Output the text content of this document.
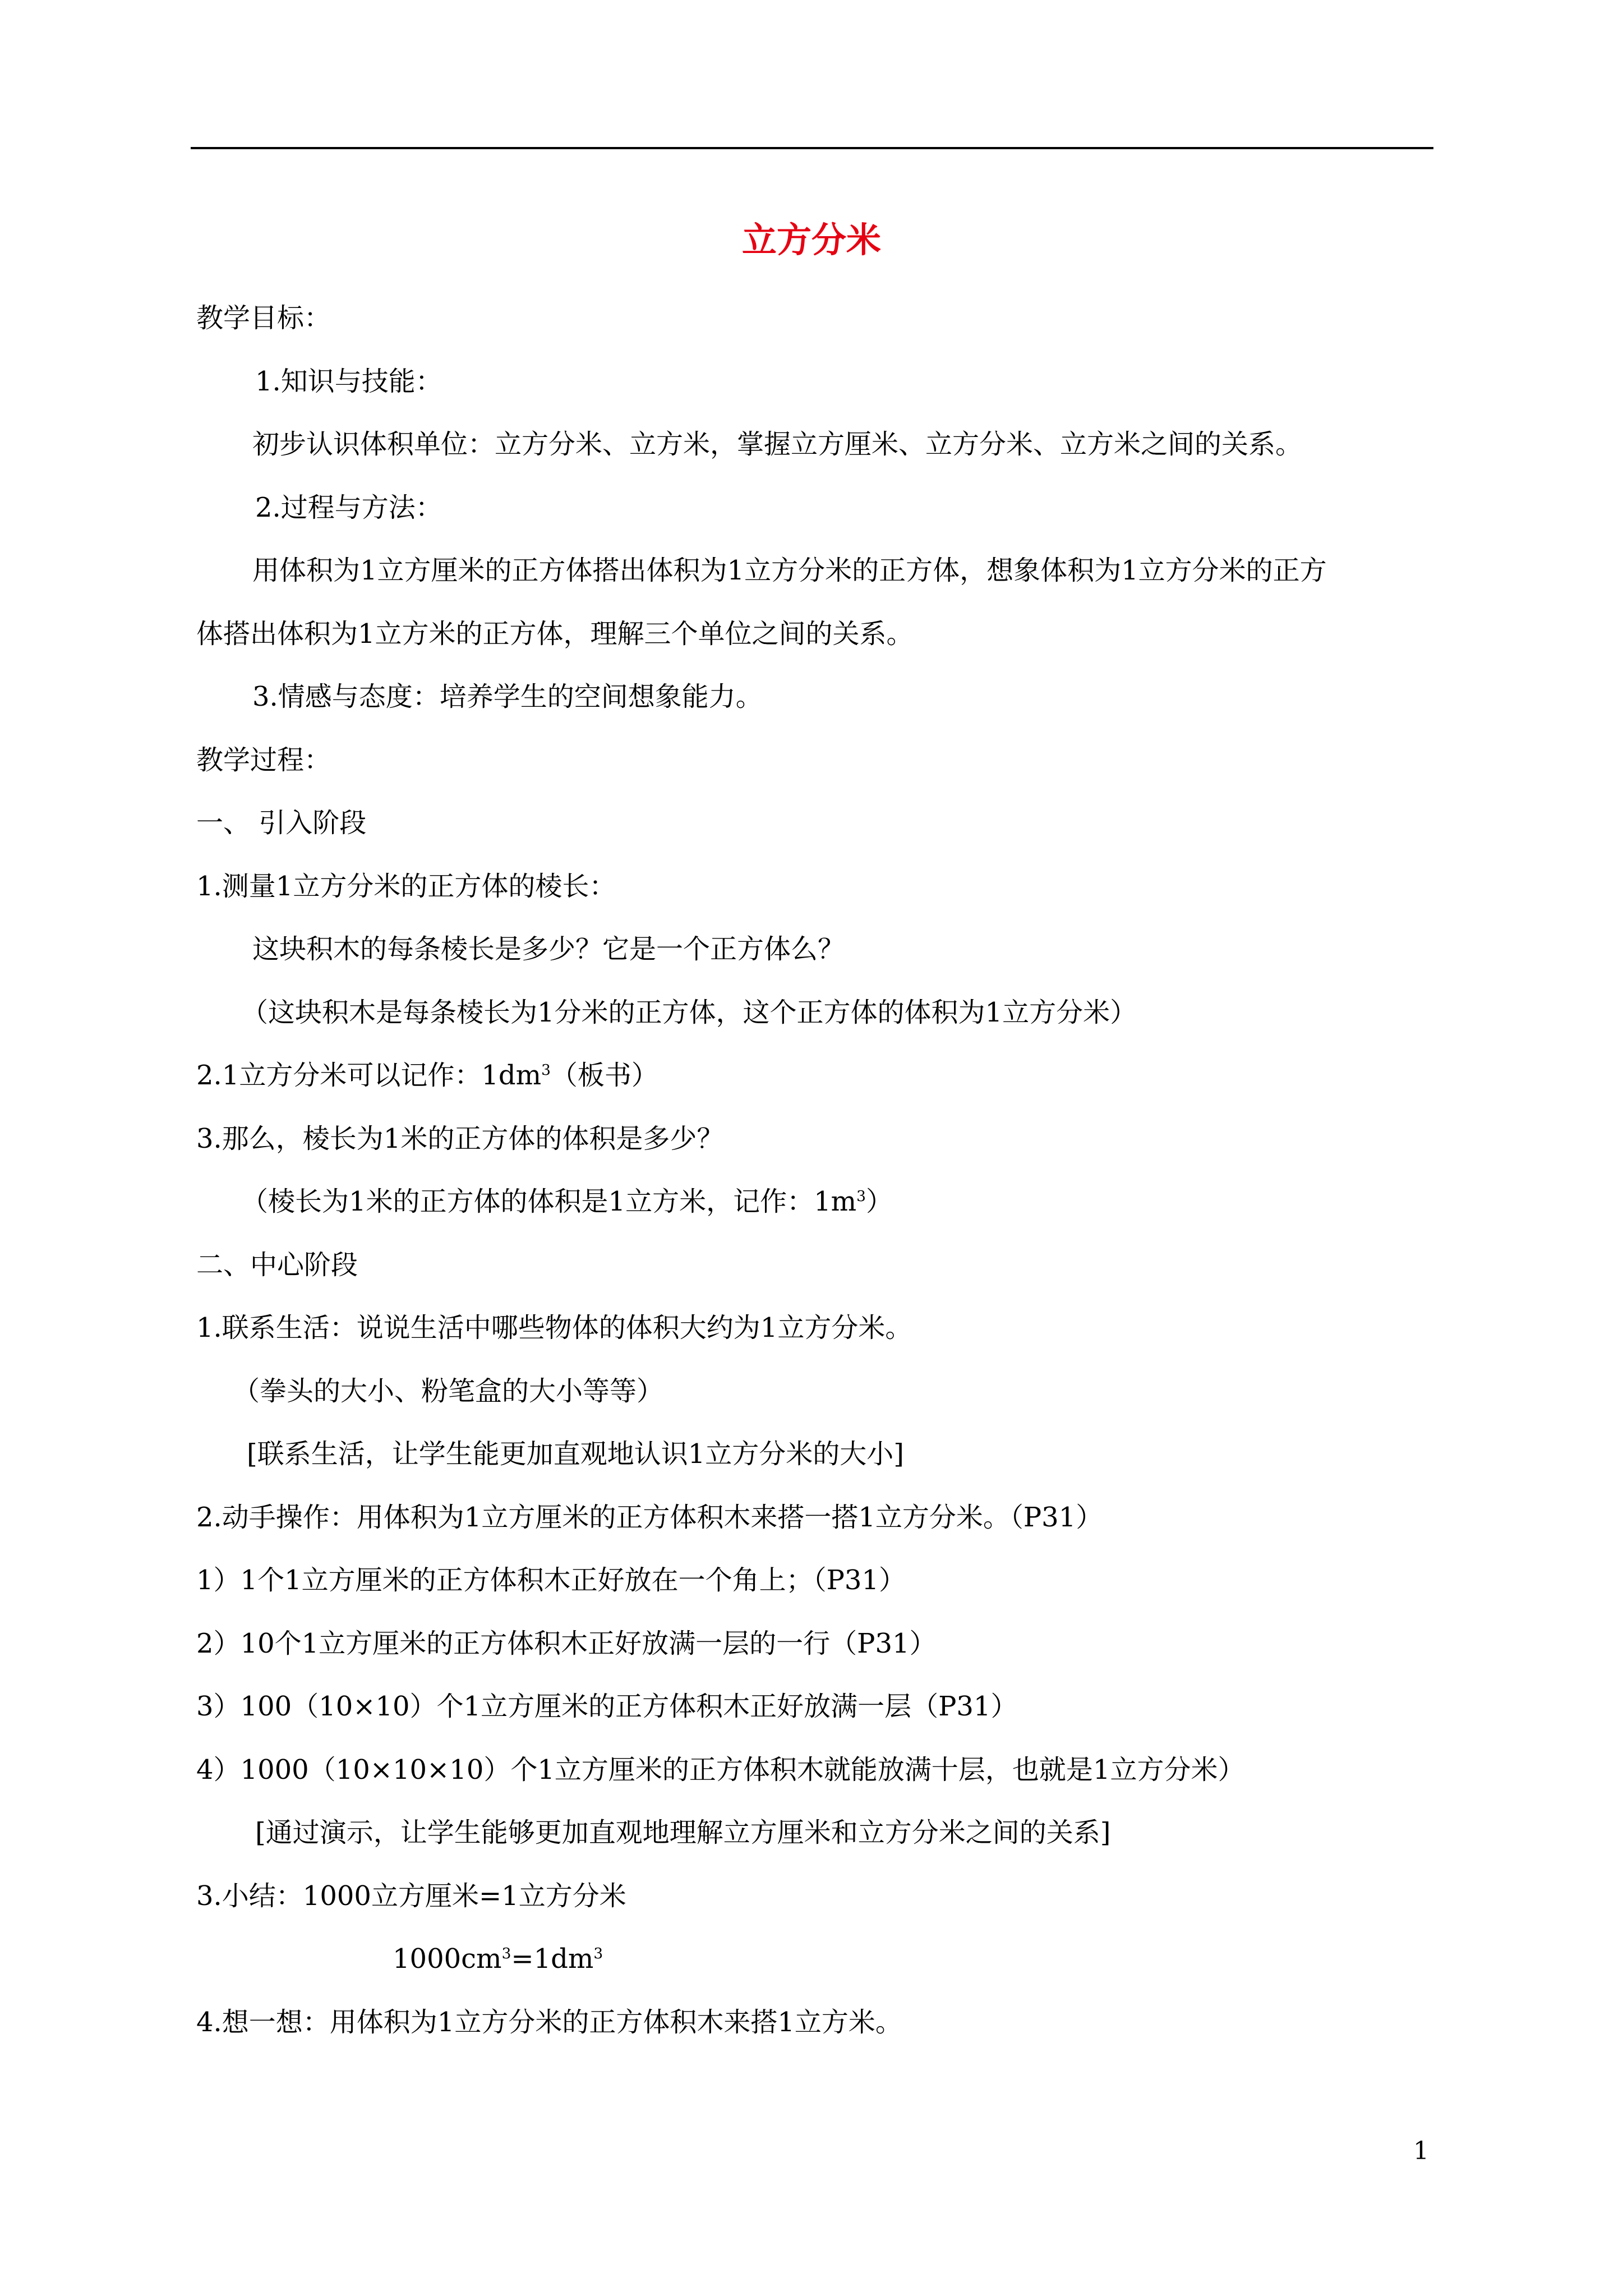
立方分米
教学目标：
1.知识与技能：
初步认识体积单位：立方分米、立方米，掌握立方厘米、立方分米、立方米之间的关系。
2.过程与方法：
用体积为1立方厘米的正方体搭出体积为1立方分米的正方体，想象体积为1立方分米的正方
体搭出体积为1立方米的正方体，理解三个单位之间的关系。
3.情感与态度：培养学生的空间想象能力。
教学过程：
一、 引入阶段
1.测量1立方分米的正方体的棱长：
这块积木的每条棱长是多少？它是一个正方体么？
（这块积木是每条棱长为1分米的正方体，这个正方体的体积为1立方分米）
2.1立方分米可以记作：$1dm^3$（板书）
3.那么，棱长为1米的正方体的体积是多少？
（棱长为1米的正方体的体积是1立方米，记作：$1m^3$）
二、中心阶段
1.联系生活：说说生活中哪些物体的体积大约为1立方分米。
（拳头的大小、粉笔盒的大小等等）
[联系生活，让学生能更加直观地认识1立方分米的大小]
2.动手操作：用体积为1立方厘米的正方体积木来搭一搭1立方分米。（P31）
1）1个1立方厘米的正方体积木正好放在一个角上；（P31）
2）10个1立方厘米的正方体积木正好放满一层的一行（P31）
3）100（10×10）个1立方厘米的正方体积木正好放满一层（P31）
4）1000（10×10×10）个1立方厘米的正方体积木就能放满十层，也就是1立方分米）
[通过演示，让学生能够更加直观地理解立方厘米和立方分米之间的关系]
3.小结：1000立方厘米=1立方分米
$1000cm^3=1dm^3$
4.想一想：用体积为1立方分米的正方体积木来搭1立方米。
1
